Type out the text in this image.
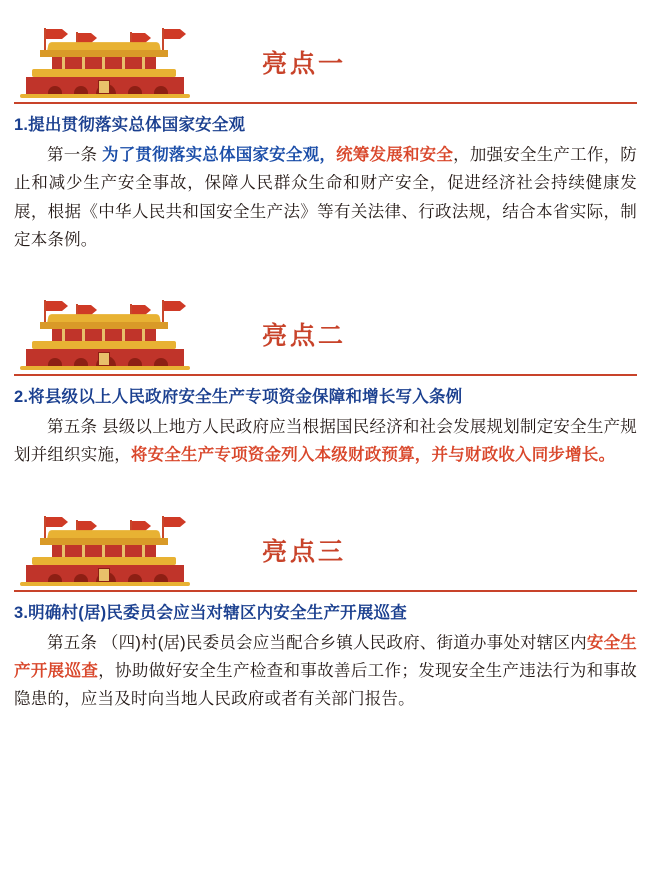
亮点一
1.提出贯彻落实总体国家安全观
第一条 为了贯彻落实总体国家安全观，统筹发展和安全，加强安全生产工作，防止和减少生产安全事故，保障人民群众生命和财产安全，促进经济社会持续健康发展，根据《中华人民共和国安全生产法》等有关法律、行政法规，结合本省实际，制定本条例。
亮点二
2.将县级以上人民政府安全生产专项资金保障和增长写入条例
第五条 县级以上地方人民政府应当根据国民经济和社会发展规划制定安全生产规划并组织实施，将安全生产专项资金列入本级财政预算，并与财政收入同步增长。
亮点三
3.明确村(居)民委员会应当对辖区内安全生产开展巡查
第五条 （四)村(居)民委员会应当配合乡镇人民政府、街道办事处对辖区内安全生产开展巡查，协助做好安全生产检查和事故善后工作；发现安全生产违法行为和事故隐患的，应当及时向当地人民政府或者有关部门报告。
